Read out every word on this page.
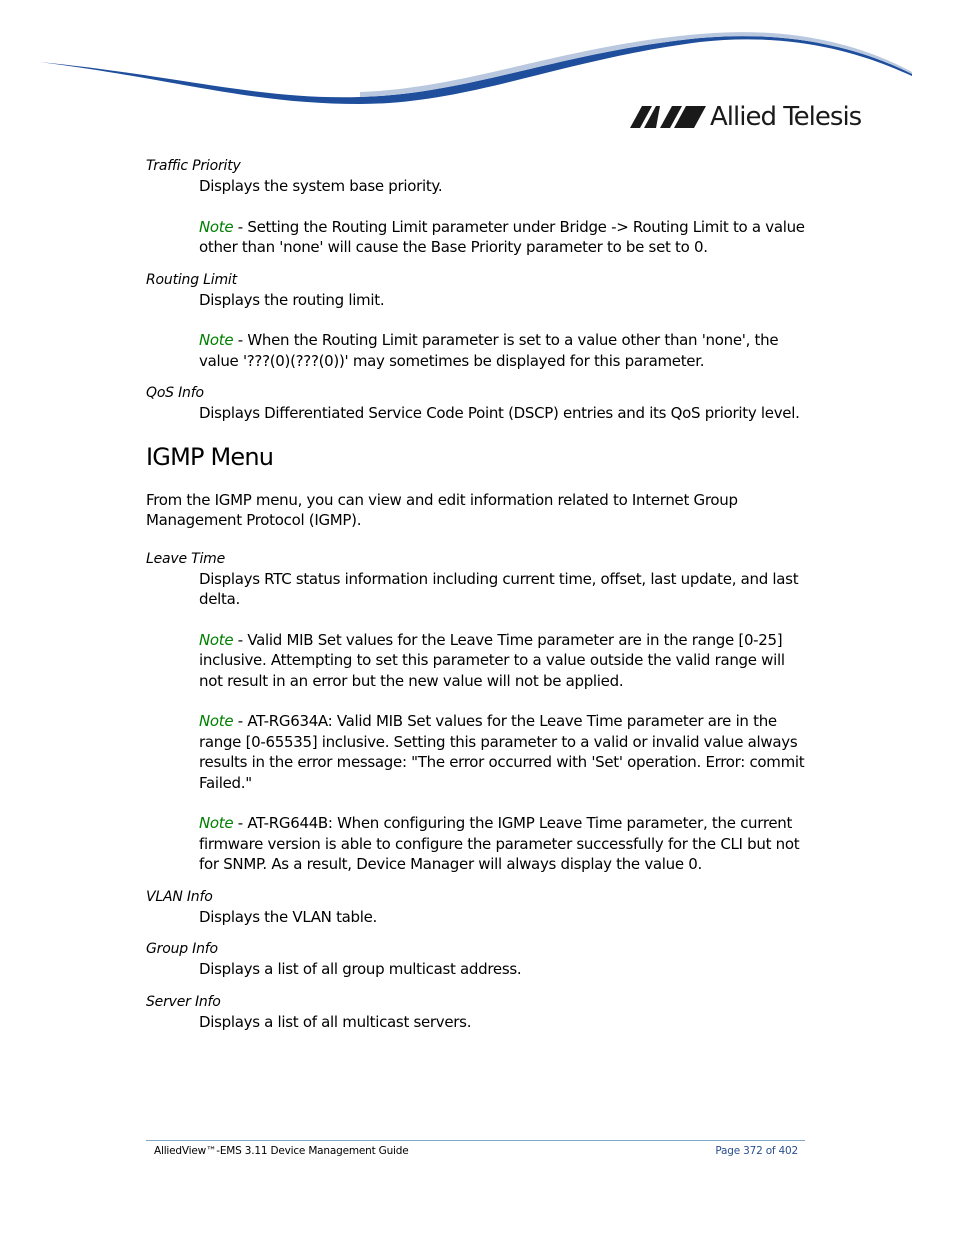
Allied Telesis
Traffic Priority

Displays the system base priority.

Note - Setting the Routing Limit parameter under Bridge -> Routing Limit to a value other than 'none' will cause the Base Priority parameter to be set to 0.

Routing Limit

Displays the routing limit.

Note - When the Routing Limit parameter is set to a value other than 'none', the value '???(0)(???(0))' may sometimes be displayed for this parameter.

QoS Info

Displays Differentiated Service Code Point (DSCP) entries and its QoS priority level.

IGMP Menu

From the IGMP menu, you can view and edit information related to Internet Group Management Protocol (IGMP).

Leave Time

Displays RTC status information including current time, offset, last update, and last delta.

Note - Valid MIB Set values for the Leave Time parameter are in the range [0-25] inclusive. Attempting to set this parameter to a value outside the valid range will not result in an error but the new value will not be applied.

Note - AT-RG634A: Valid MIB Set values for the Leave Time parameter are in the range [0-65535] inclusive. Setting this parameter to a valid or invalid value always results in the error message: "The error occurred with 'Set' operation. Error: commit Failed."

Note - AT-RG644B: When configuring the IGMP Leave Time parameter, the current firmware version is able to configure the parameter successfully for the CLI but not for SNMP. As a result, Device Manager will always display the value 0.

VLAN Info

Displays the VLAN table.

Group Info

Displays a list of all group multicast address.

Server Info

Displays a list of all multicast servers.

AlliedView™-EMS 3.11 Device Management Guide	Page 372 of 402
